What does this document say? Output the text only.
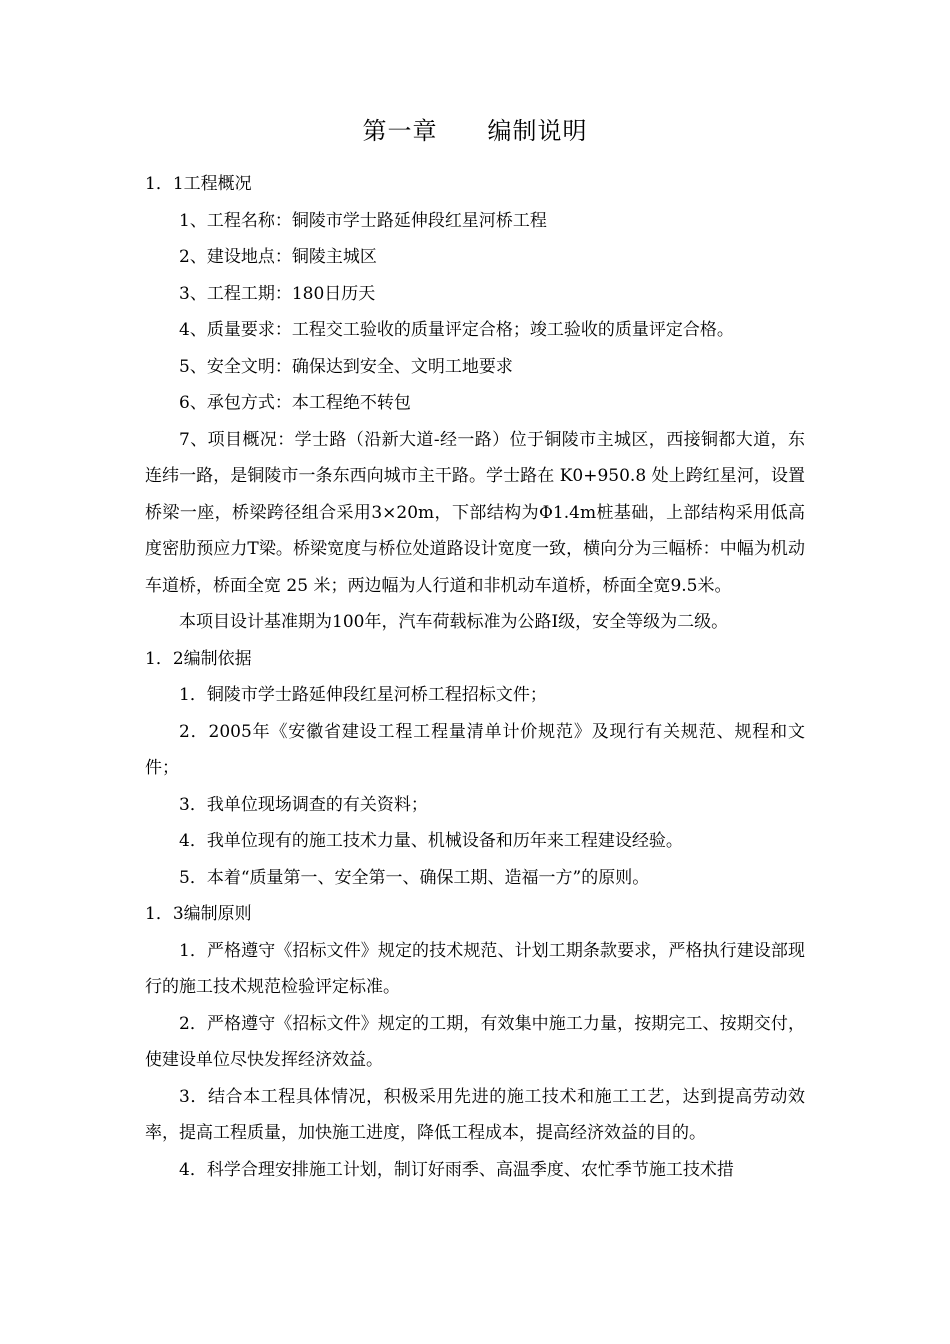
第一章 编制说明

1．1工程概况

1、工程名称：铜陵市学士路延伸段红星河桥工程

2、建设地点：铜陵主城区

3、工程工期：180日历天

4、质量要求：工程交工验收的质量评定合格；竣工验收的质量评定合格。

5、安全文明：确保达到安全、文明工地要求

6、承包方式：本工程绝不转包

7、项目概况：学士路（沿新大道-经一路）位于铜陵市主城区，西接铜都大道，东连纬一路，是铜陵市一条东西向城市主干路。学士路在 K0+950.8 处上跨红星河，设置桥梁一座，桥梁跨径组合采用3×20m，下部结构为Φ1.4m桩基础，上部结构采用低高度密肋预应力T梁。桥梁宽度与桥位处道路设计宽度一致，横向分为三幅桥：中幅为机动车道桥，桥面全宽 25 米；两边幅为人行道和非机动车道桥，桥面全宽9.5米。

本项目设计基准期为100年，汽车荷载标准为公路Ⅰ级，安全等级为二级。

1．2编制依据

1．铜陵市学士路延伸段红星河桥工程招标文件；

2．2005年《安徽省建设工程工程量清单计价规范》及现行有关规范、规程和文件；

3．我单位现场调查的有关资料；

4．我单位现有的施工技术力量、机械设备和历年来工程建设经验。

5．本着“质量第一、安全第一、确保工期、造福一方”的原则。

1．3编制原则

1．严格遵守《招标文件》规定的技术规范、计划工期条款要求，严格执行建设部现行的施工技术规范检验评定标准。

2．严格遵守《招标文件》规定的工期，有效集中施工力量，按期完工、按期交付，使建设单位尽快发挥经济效益。

3．结合本工程具体情况，积极采用先进的施工技术和施工工艺，达到提高劳动效率，提高工程质量，加快施工进度，降低工程成本，提高经济效益的目的。

4．科学合理安排施工计划，制订好雨季、高温季度、农忙季节施工技术措
